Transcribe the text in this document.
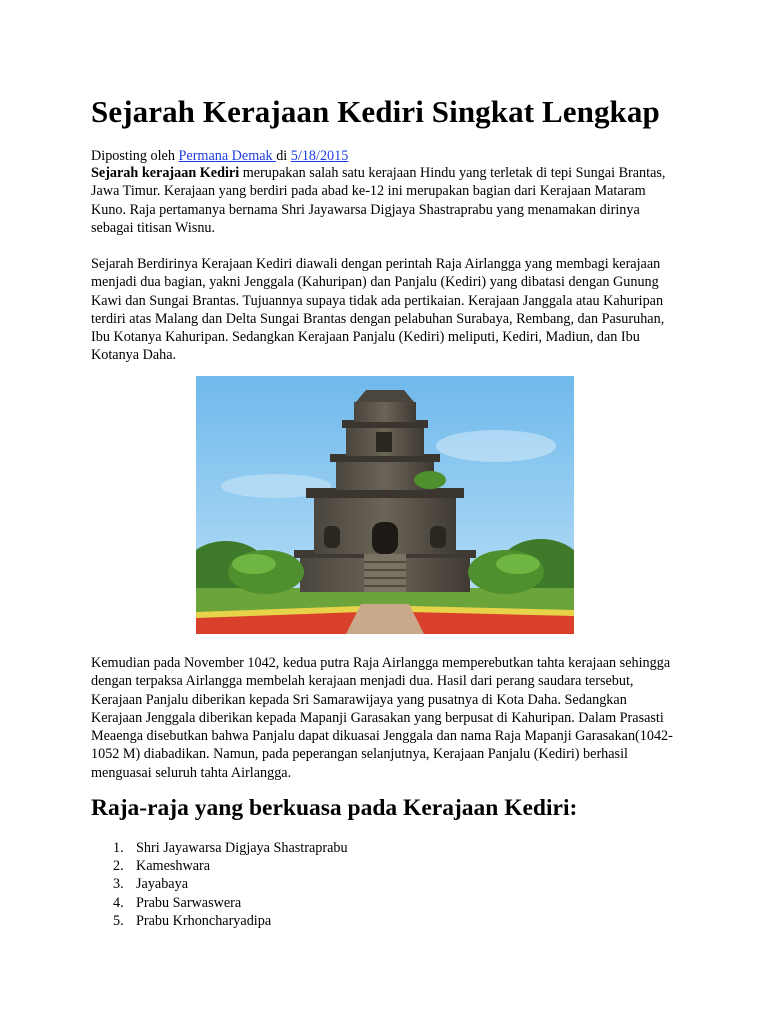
Sejarah Kerajaan Kediri Singkat Lengkap
Diposting oleh Permana Demak di 5/18/2015

Sejarah kerajaan Kediri merupakan salah satu kerajaan Hindu yang terletak di tepi Sungai Brantas, Jawa Timur. Kerajaan yang berdiri pada abad ke-12 ini merupakan bagian dari Kerajaan Mataram Kuno. Raja pertamanya bernama Shri Jayawarsa Digjaya Shastraprabu yang menamakan dirinya sebagai titisan Wisnu.

Sejarah Berdirinya Kerajaan Kediri diawali dengan perintah Raja Airlangga yang membagi kerajaan menjadi dua bagian, yakni Jenggala (Kahuripan) dan Panjalu (Kediri) yang dibatasi dengan Gunung Kawi dan Sungai Brantas. Tujuannya supaya tidak ada pertikaian. Kerajaan Janggala atau Kahuripan terdiri atas Malang dan Delta Sungai Brantas dengan pelabuhan Surabaya, Rembang, dan Pasuruhan, Ibu Kotanya Kahuripan. Sedangkan Kerajaan Panjalu (Kediri) meliputi, Kediri, Madiun, dan Ibu Kotanya Daha.

Kemudian pada November 1042, kedua putra Raja Airlangga memperebutkan tahta kerajaan sehingga dengan terpaksa Airlangga membelah kerajaan menjadi dua. Hasil dari perang saudara tersebut, Kerajaan Panjalu diberikan kepada Sri Samarawijaya yang pusatnya di Kota Daha. Sedangkan Kerajaan Jenggala diberikan kepada Mapanji Garasakan yang berpusat di Kahuripan. Dalam Prasasti Meaenga disebutkan bahwa Panjalu dapat dikuasai Jenggala dan nama Raja Mapanji Garasakan(1042-1052 M) diabadikan. Namun, pada peperangan selanjutnya, Kerajaan Panjalu (Kediri) berhasil menguasai seluruh tahta Airlangga.

Raja-raja yang berkuasa pada Kerajaan Kediri:
1. Shri Jayawarsa Digjaya Shastraprabu
2. Kameshwara
3. Jayabaya
4. Prabu Sarwaswera
5. Prabu Krhoncharyadipa
